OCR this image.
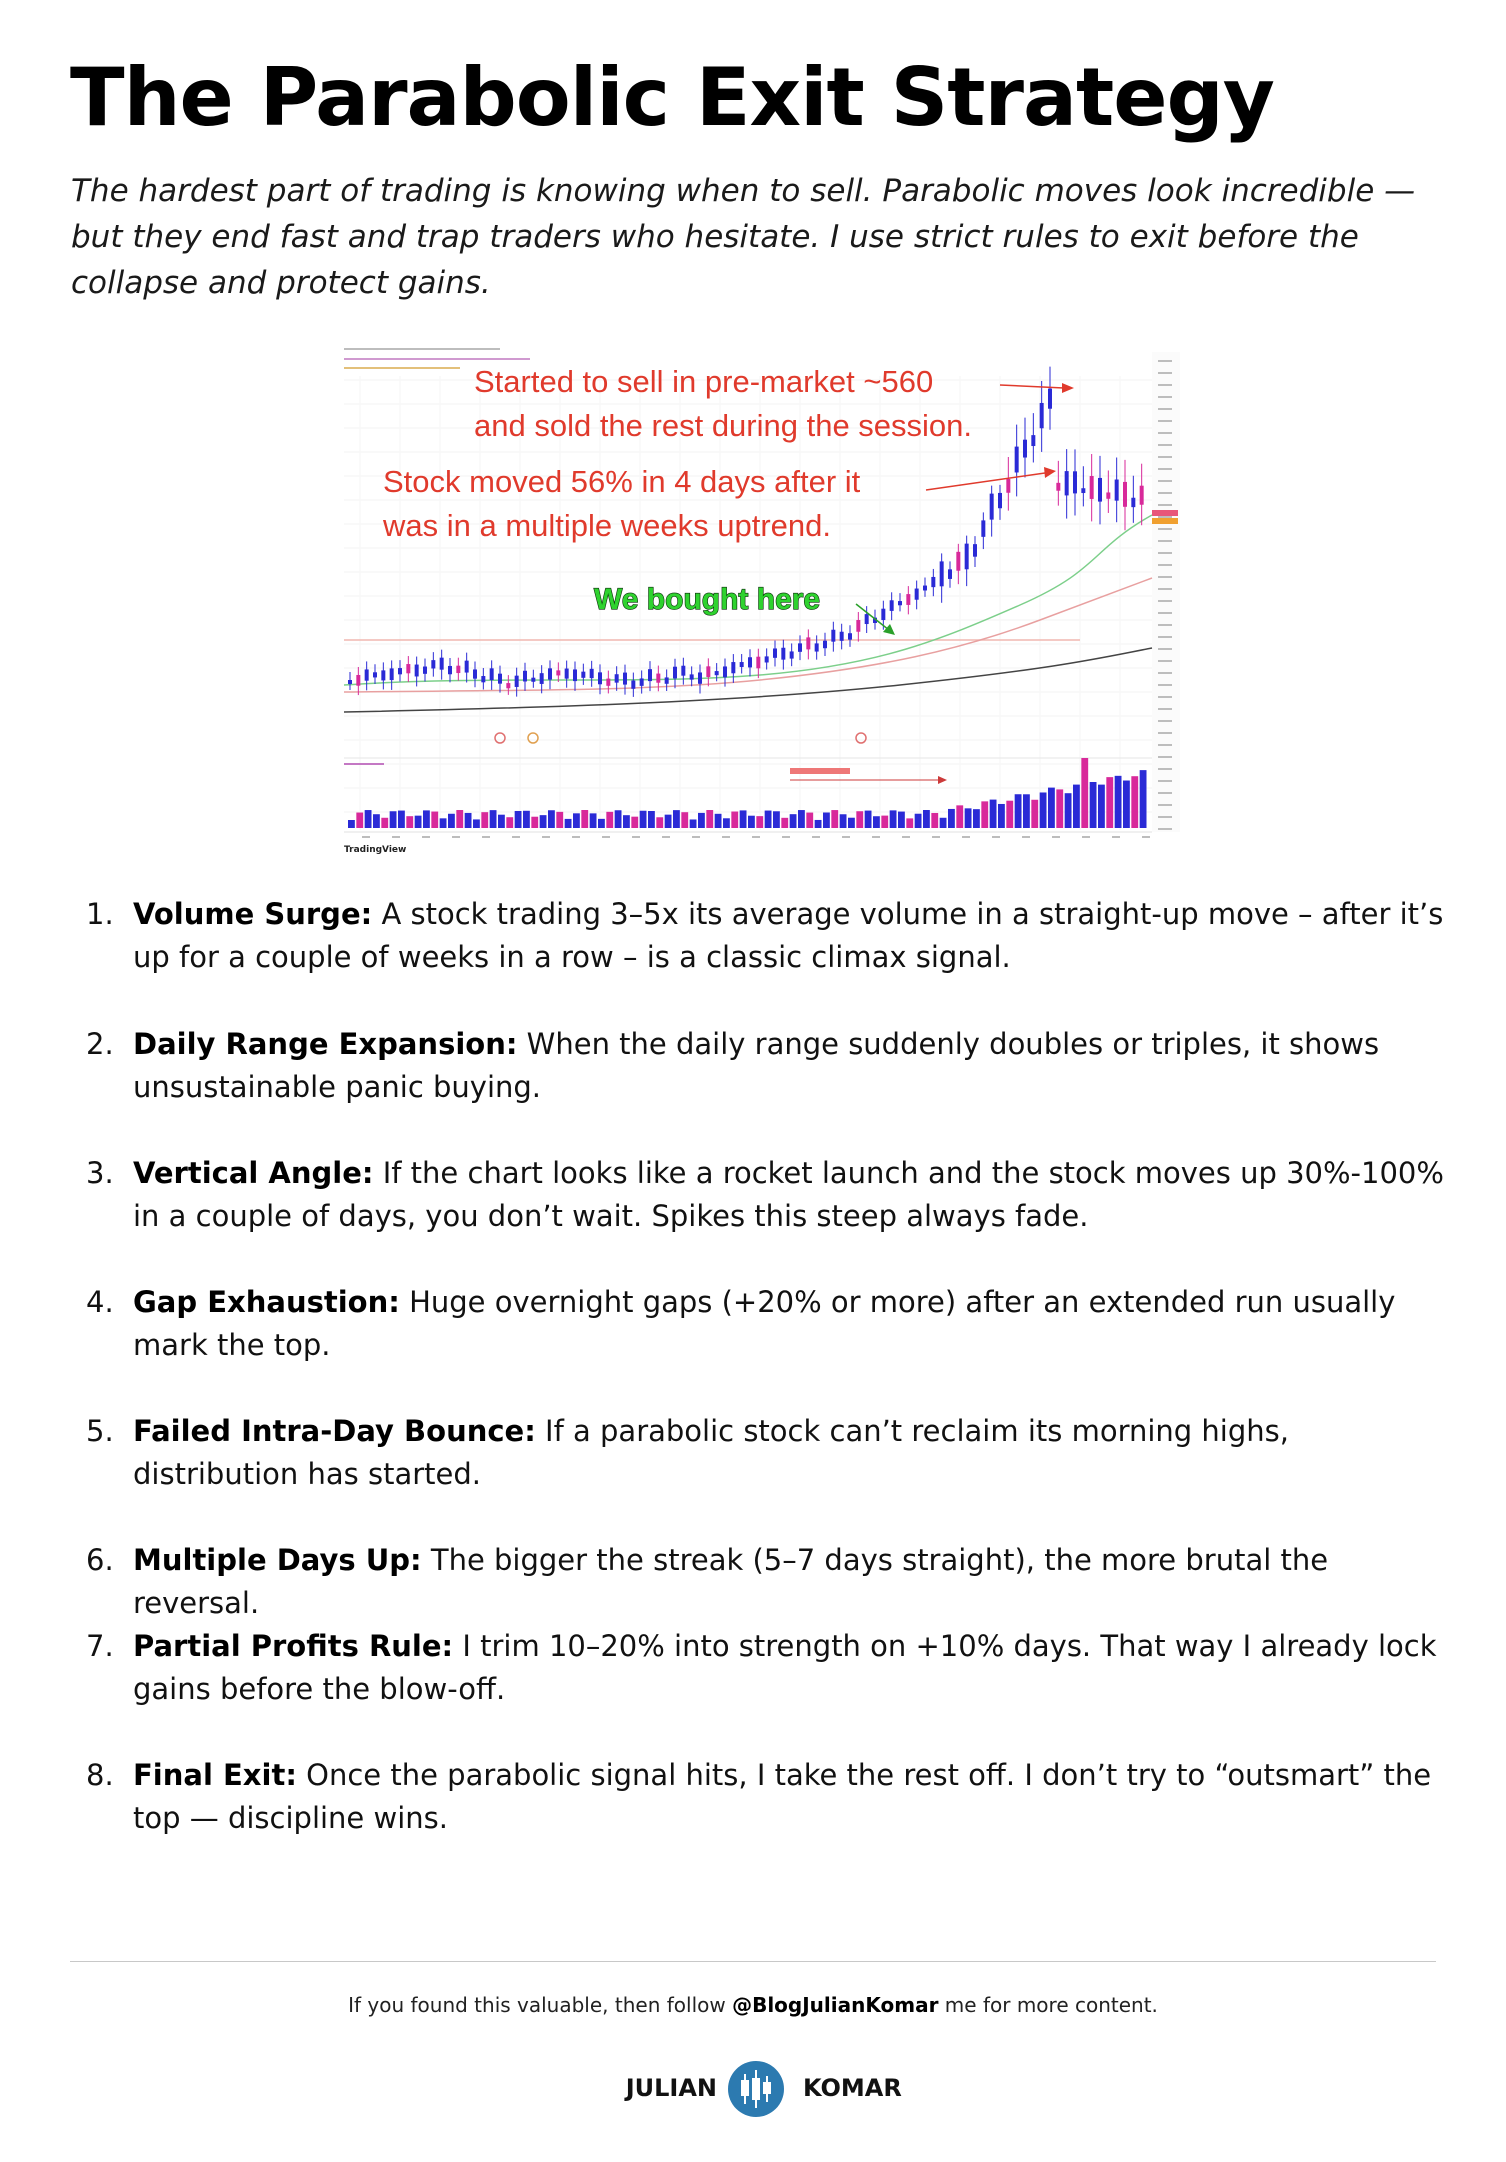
The Parabolic Exit Strategy

The hardest part of trading is knowing when to sell. Parabolic moves look incredible — but they end fast and trap traders who hesitate. I use strict rules to exit before the collapse and protect gains.

TradingView
Started to sell in pre-market ~560
and sold the rest during the session.
Stock moved 56% in 4 days after it
was in a multiple weeks uptrend.
We bought here
1. Volume Surge: A stock trading 3–5x its average volume in a straight-up move – after it’s up for a couple of weeks in a row – is a classic climax signal.
2. Daily Range Expansion: When the daily range suddenly doubles or triples, it shows unsustainable panic buying.
3. Vertical Angle: If the chart looks like a rocket launch and the stock moves up 30%-100% in a couple of days, you don’t wait. Spikes this steep always fade.
4. Gap Exhaustion: Huge overnight gaps (+20% or more) after an extended run usually mark the top.
5. Failed Intra-Day Bounce: If a parabolic stock can’t reclaim its morning highs, distribution has started.
6. Multiple Days Up: The bigger the streak (5–7 days straight), the more brutal the reversal.
7. Partial Profits Rule: I trim 10–20% into strength on +10% days. That way I already lock gains before the blow-off.
8. Final Exit: Once the parabolic signal hits, I take the rest off. I don’t try to “outsmart” the top — discipline wins.
If you found this valuable, then follow @BlogJulianKomar me for more content.
JULIAN	KOMAR
